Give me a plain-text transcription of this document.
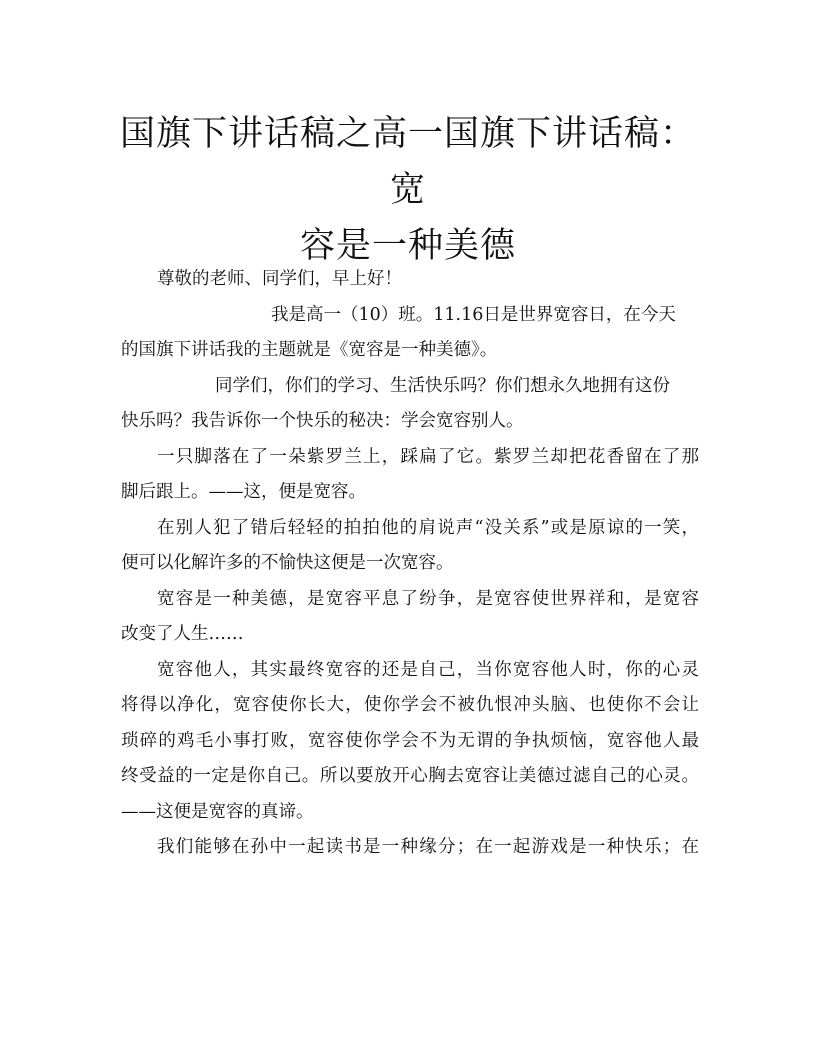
国旗下讲话稿之高一国旗下讲话稿：宽
容是一种美德
尊敬的老师、同学们，早上好！
我是高一（10）班。11.16日是世界宽容日，在今天
的国旗下讲话我的主题就是《宽容是一种美德》。
同学们，你们的学习、生活快乐吗？你们想永久地拥有这份
快乐吗？我告诉你一个快乐的秘决：学会宽容别人。
一只脚落在了一朵紫罗兰上，踩扁了它。紫罗兰却把花香留在了那
脚后跟上。——这，便是宽容。
在别人犯了错后轻轻的拍拍他的肩说声“没关系”或是原谅的一笑，
便可以化解许多的不愉快这便是一次宽容。
宽容是一种美德，是宽容平息了纷争，是宽容使世界祥和，是宽容
改变了人生……
宽容他人，其实最终宽容的还是自己，当你宽容他人时，你的心灵
将得以净化，宽容使你长大，使你学会不被仇恨冲头脑、也使你不会让
琐碎的鸡毛小事打败，宽容使你学会不为无谓的争执烦恼，宽容他人最
终受益的一定是你自己。所以要放开心胸去宽容让美德过滤自己的心灵。
——这便是宽容的真谛。
我们能够在孙中一起读书是一种缘分；在一起游戏是一种快乐；在
